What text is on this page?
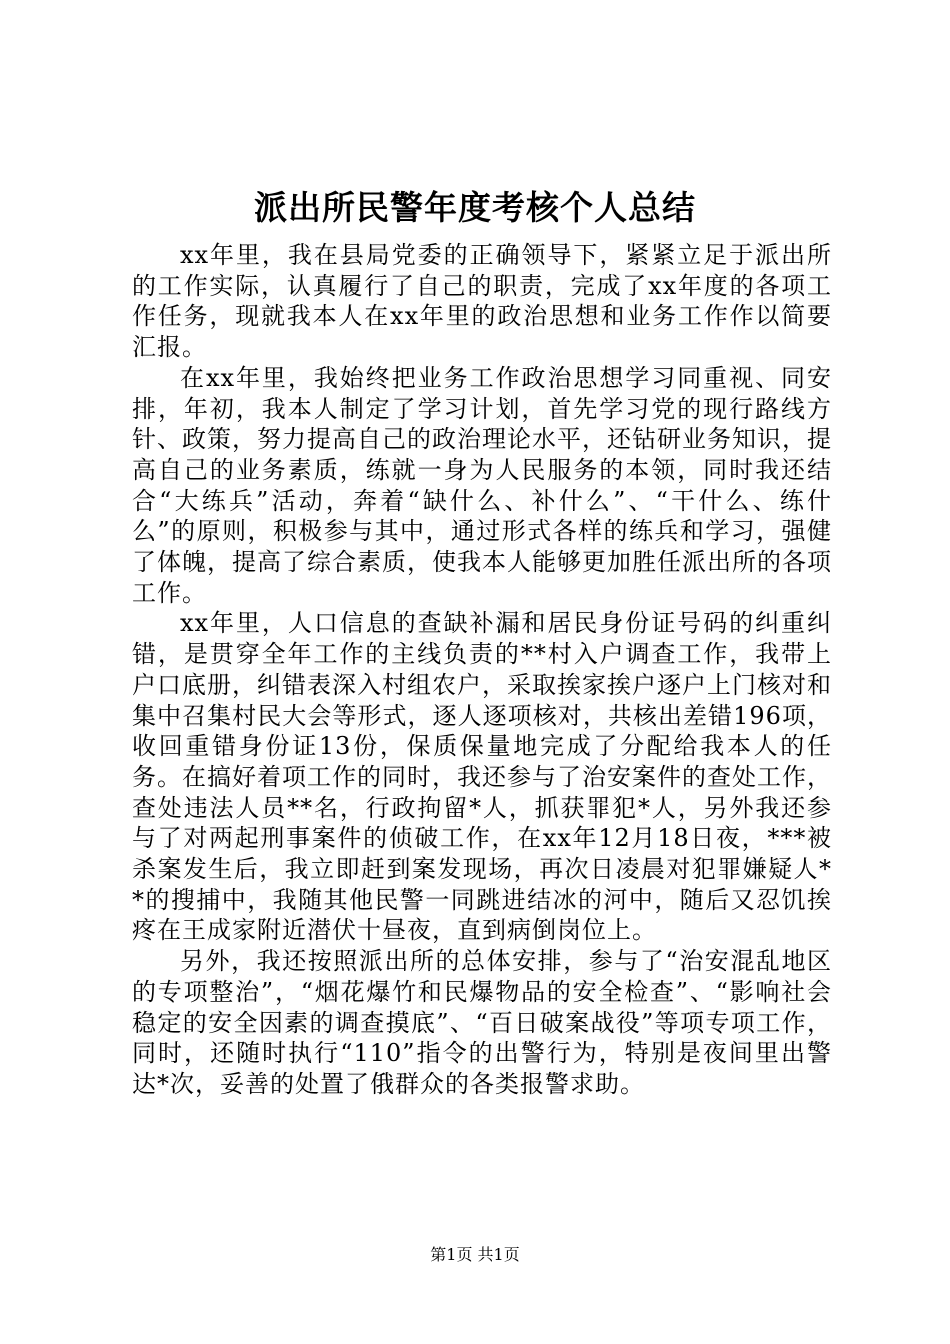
派出所民警年度考核个人总结

xx年里，我在县局党委的正确领导下，紧紧立足于派出所的工作实际，认真履行了自己的职责，完成了xx年度的各项工作任务，现就我本人在xx年里的政治思想和业务工作作以简要汇报。

在xx年里，我始终把业务工作政治思想学习同重视、同安排，年初，我本人制定了学习计划，首先学习党的现行路线方针、政策，努力提高自己的政治理论水平，还钻研业务知识，提高自己的业务素质，练就一身为人民服务的本领，同时我还结合“大练兵”活动，奔着“缺什么、补什么”、“干什么、练什么”的原则，积极参与其中，通过形式各样的练兵和学习，强健了体魄，提高了综合素质，使我本人能够更加胜任派出所的各项工作。

xx年里，人口信息的查缺补漏和居民身份证号码的纠重纠错，是贯穿全年工作的主线负责的**村入户调查工作，我带上户口底册，纠错表深入村组农户，采取挨家挨户逐户上门核对和集中召集村民大会等形式，逐人逐项核对，共核出差错196项，收回重错身份证13份，保质保量地完成了分配给我本人的任务。在搞好着项工作的同时，我还参与了治安案件的查处工作，查处违法人员**名，行政拘留*人，抓获罪犯*人，另外我还参与了对两起刑事案件的侦破工作，在xx年12月18日夜，***被杀案发生后，我立即赶到案发现场，再次日凌晨对犯罪嫌疑人**的搜捕中，我随其他民警一同跳进结冰的河中，随后又忍饥挨疼在王成家附近潜伏十昼夜，直到病倒岗位上。

另外，我还按照派出所的总体安排，参与了“治安混乱地区的专项整治”，“烟花爆竹和民爆物品的安全检查”、“影响社会稳定的安全因素的调查摸底”、“百日破案战役”等项专项工作，同时，还随时执行“110”指令的出警行为，特别是夜间里出警达*次，妥善的处置了俄群众的各类报警求助。

第1页 共1页
